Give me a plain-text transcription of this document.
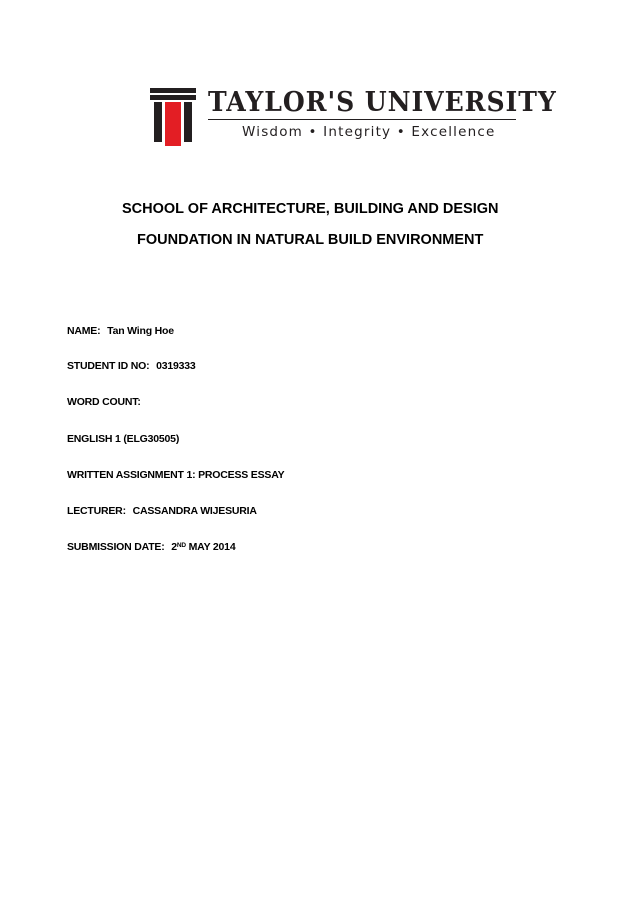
TAYLOR'S UNIVERSITY
Wisdom • Integrity • Excellence
SCHOOL OF ARCHITECTURE, BUILDING AND DESIGN
FOUNDATION IN NATURAL BUILD ENVIRONMENT
NAME: Tan Wing Hoe
STUDENT ID NO: 0319333
WORD COUNT:
ENGLISH 1 (ELG30505)
WRITTEN ASSIGNMENT 1: PROCESS ESSAY
LECTURER: CASSANDRA WIJESURIA
SUBMISSION DATE: 2ND MAY 2014
